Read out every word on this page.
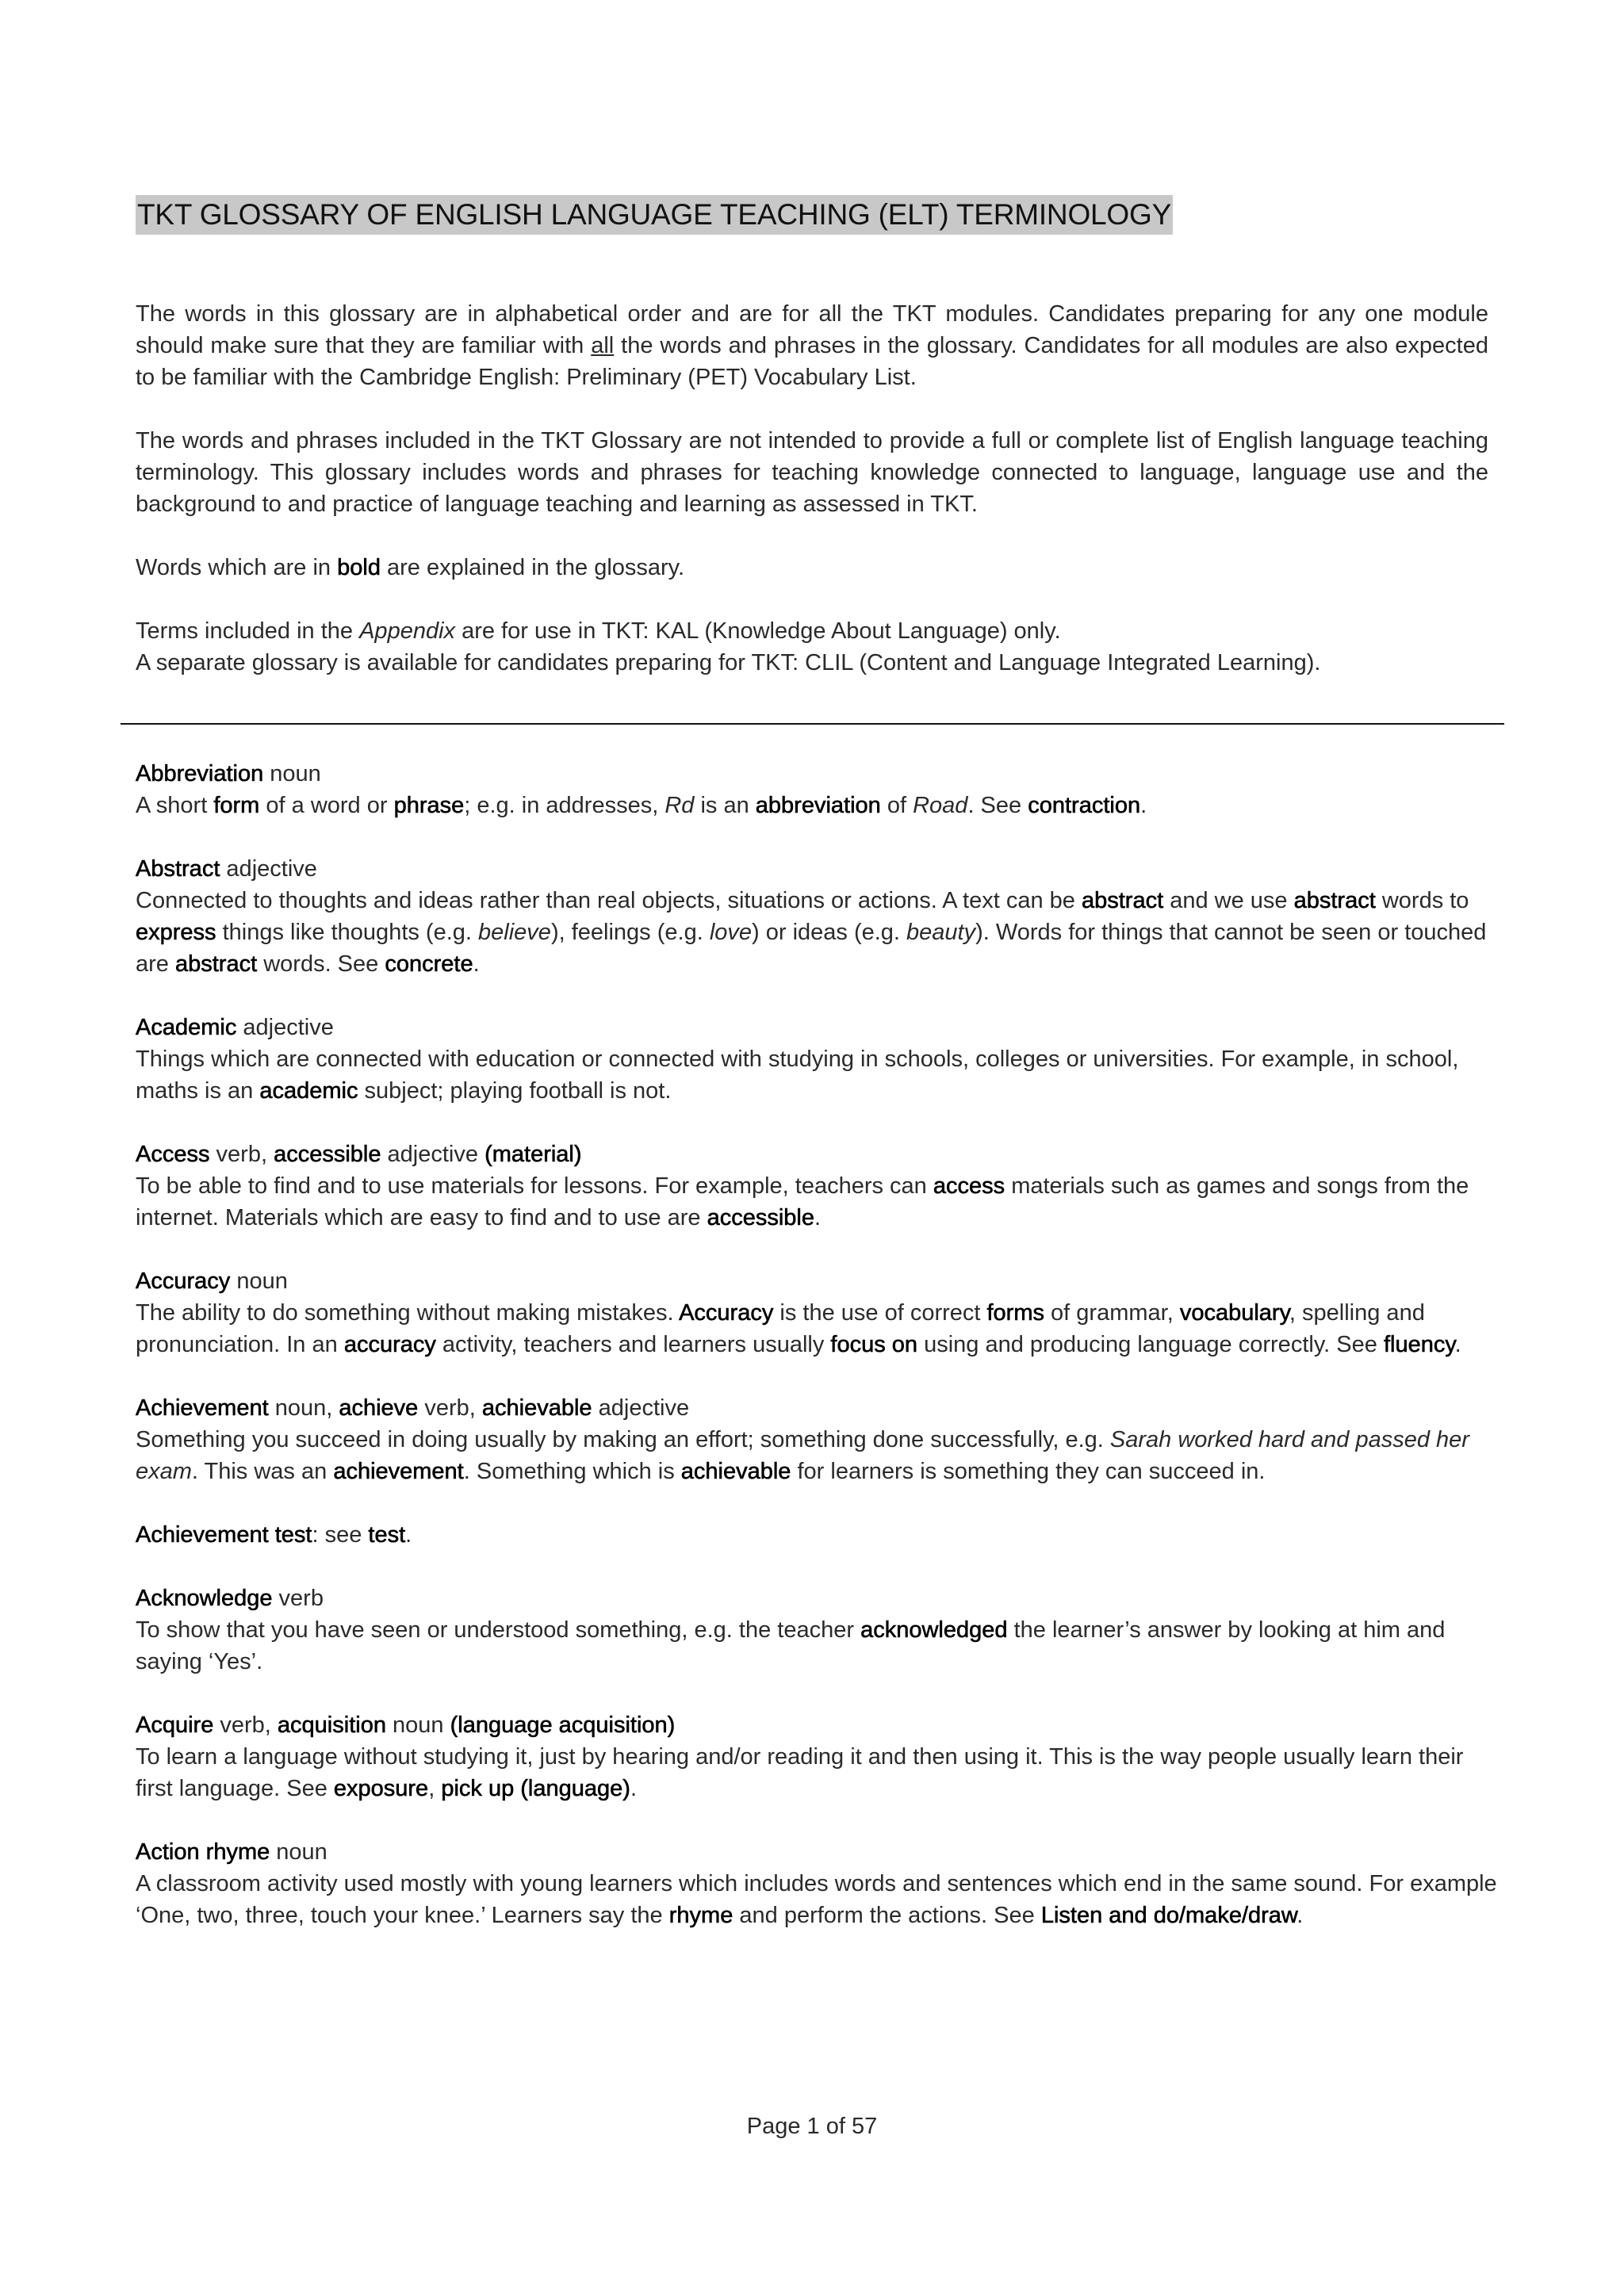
TKT GLOSSARY OF ENGLISH LANGUAGE TEACHING (ELT) TERMINOLOGY

The words in this glossary are in alphabetical order and are for all the TKT modules. Candidates preparing for any one module should make sure that they are familiar with all the words and phrases in the glossary. Candidates for all modules are also expected to be familiar with the Cambridge English: Preliminary (PET) Vocabulary List.

The words and phrases included in the TKT Glossary are not intended to provide a full or complete list of English language teaching terminology. This glossary includes words and phrases for teaching knowledge connected to language, language use and the background to and practice of language teaching and learning as assessed in TKT.

Words which are in bold are explained in the glossary.

Terms included in the Appendix are for use in TKT: KAL (Knowledge About Language) only.

A separate glossary is available for candidates preparing for TKT: CLIL (Content and Language Integrated Learning).

Abbreviation noun
A short form of a word or phrase; e.g. in addresses, Rd is an abbreviation of Road. See contraction.
Abstract adjective
Connected to thoughts and ideas rather than real objects, situations or actions. A text can be abstract and we use abstract words to express things like thoughts (e.g. believe), feelings (e.g. love) or ideas (e.g. beauty). Words for things that cannot be seen or touched are abstract words. See concrete.
Academic adjective
Things which are connected with education or connected with studying in schools, colleges or universities. For example, in school, maths is an academic subject; playing football is not.
Access verb, accessible adjective (material)
To be able to find and to use materials for lessons. For example, teachers can access materials such as games and songs from the internet. Materials which are easy to find and to use are accessible.
Accuracy noun
The ability to do something without making mistakes. Accuracy is the use of correct forms of grammar, vocabulary, spelling and pronunciation. In an accuracy activity, teachers and learners usually focus on using and producing language correctly. See fluency.
Achievement noun, achieve verb, achievable adjective
Something you succeed in doing usually by making an effort; something done successfully, e.g. Sarah worked hard and passed her exam. This was an achievement. Something which is achievable for learners is something they can succeed in.
Achievement test: see test.
Acknowledge verb
To show that you have seen or understood something, e.g. the teacher acknowledged the learner’s answer by looking at him and saying ‘Yes’.
Acquire verb, acquisition noun (language acquisition)
To learn a language without studying it, just by hearing and/or reading it and then using it. This is the way people usually learn their first language. See exposure, pick up (language).
Action rhyme noun
A classroom activity used mostly with young learners which includes words and sentences which end in the same sound. For example ‘One, two, three, touch your knee.’ Learners say the rhyme and perform the actions. See Listen and do/make/draw.
Page 1 of 57
